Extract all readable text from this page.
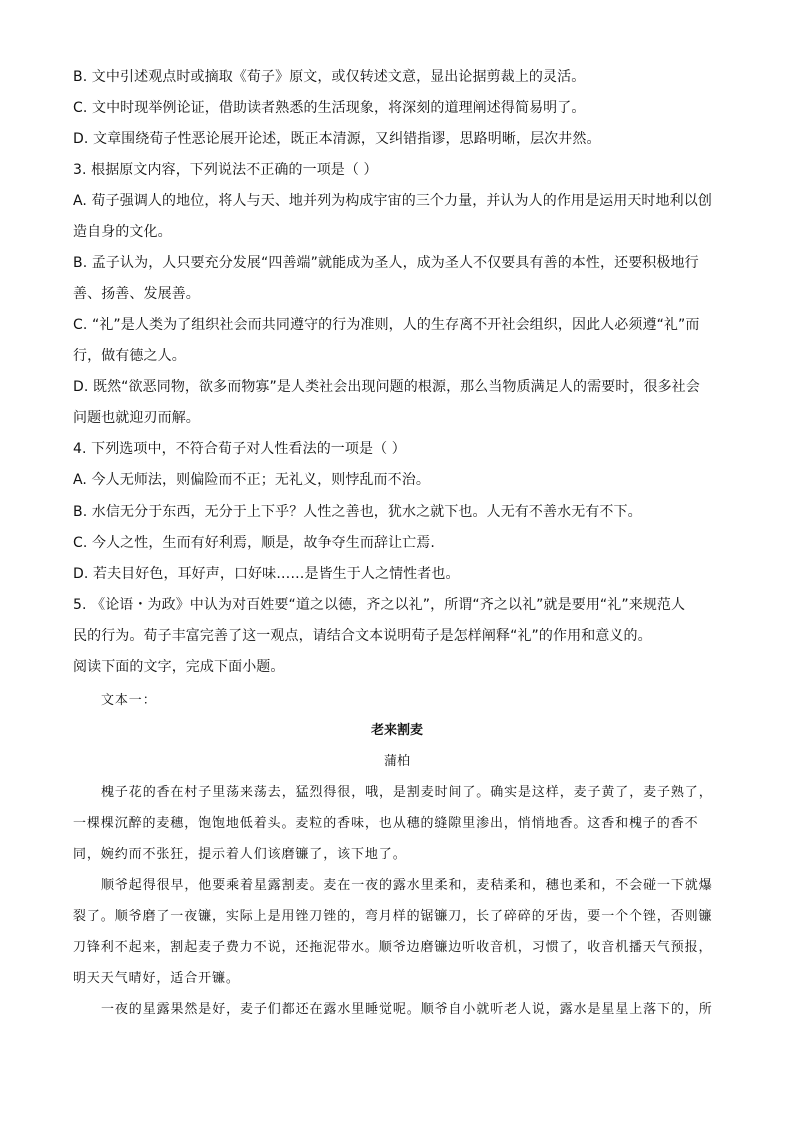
B. 文中引述观点时或摘取《荀子》原文，或仅转述文意，显出论据剪裁上的灵活。
C. 文中时现举例论证，借助读者熟悉的生活现象，将深刻的道理阐述得简易明了。
D. 文章围绕荀子性恶论展开论述，既正本清源，又纠错指谬，思路明晰，层次井然。
3. 根据原文内容，下列说法不正确的一项是（ ）
A. 荀子强调人的地位，将人与天、地并列为构成宇宙的三个力量，并认为人的作用是运用天时地利以创
造自身的文化。
B. 孟子认为，人只要充分发展“四善端”就能成为圣人，成为圣人不仅要具有善的本性，还要积极地行
善、扬善、发展善。
C. “礼”是人类为了组织社会而共同遵守的行为准则，人的生存离不开社会组织，因此人必须遵“礼”而
行，做有德之人。
D. 既然“欲恶同物，欲多而物寡”是人类社会出现问题的根源，那么当物质满足人的需要时，很多社会
问题也就迎刃而解。
4. 下列选项中，不符合荀子对人性看法的一项是（ ）
A. 今人无师法，则偏险而不正；无礼义，则悖乱而不治。
B. 水信无分于东西，无分于上下乎？人性之善也，犹水之就下也。人无有不善水无有不下。
C. 今人之性，生而有好利焉，顺是，故争夺生而辞让亡焉.
D. 若夫目好色，耳好声，口好味……是皆生于人之情性者也。
5. 《论语・为政》中认为对百姓要“道之以德，齐之以礼”，所谓“齐之以礼”就是要用“礼”来规范人
民的行为。荀子丰富完善了这一观点，请结合文本说明荀子是怎样阐释“礼”的作用和意义的。
阅读下面的文字，完成下面小题。
文本一：
老来割麦
蒲柏
槐子花的香在村子里荡来荡去，猛烈得很，哦，是割麦时间了。确实是这样，麦子黄了，麦子熟了，
一棵棵沉醉的麦穗，饱饱地低着头。麦粒的香味，也从穗的缝隙里渗出，悄悄地香。这香和槐子的香不
同，婉约而不张狂，提示着人们该磨镰了，该下地了。
顺爷起得很早，他要乘着星露割麦。麦在一夜的露水里柔和，麦秸柔和，穗也柔和，不会碰一下就爆
裂了。顺爷磨了一夜镰，实际上是用锉刀锉的，弯月样的锯镰刀，长了碎碎的牙齿，要一个个锉，否则镰
刀锋利不起来，割起麦子费力不说，还拖泥带水。顺爷边磨镰边听收音机，习惯了，收音机播天气预报，
明天天气晴好，适合开镰。
一夜的星露果然是好，麦子们都还在露水里睡觉呢。顺爷自小就听老人说，露水是星星上落下的，所
